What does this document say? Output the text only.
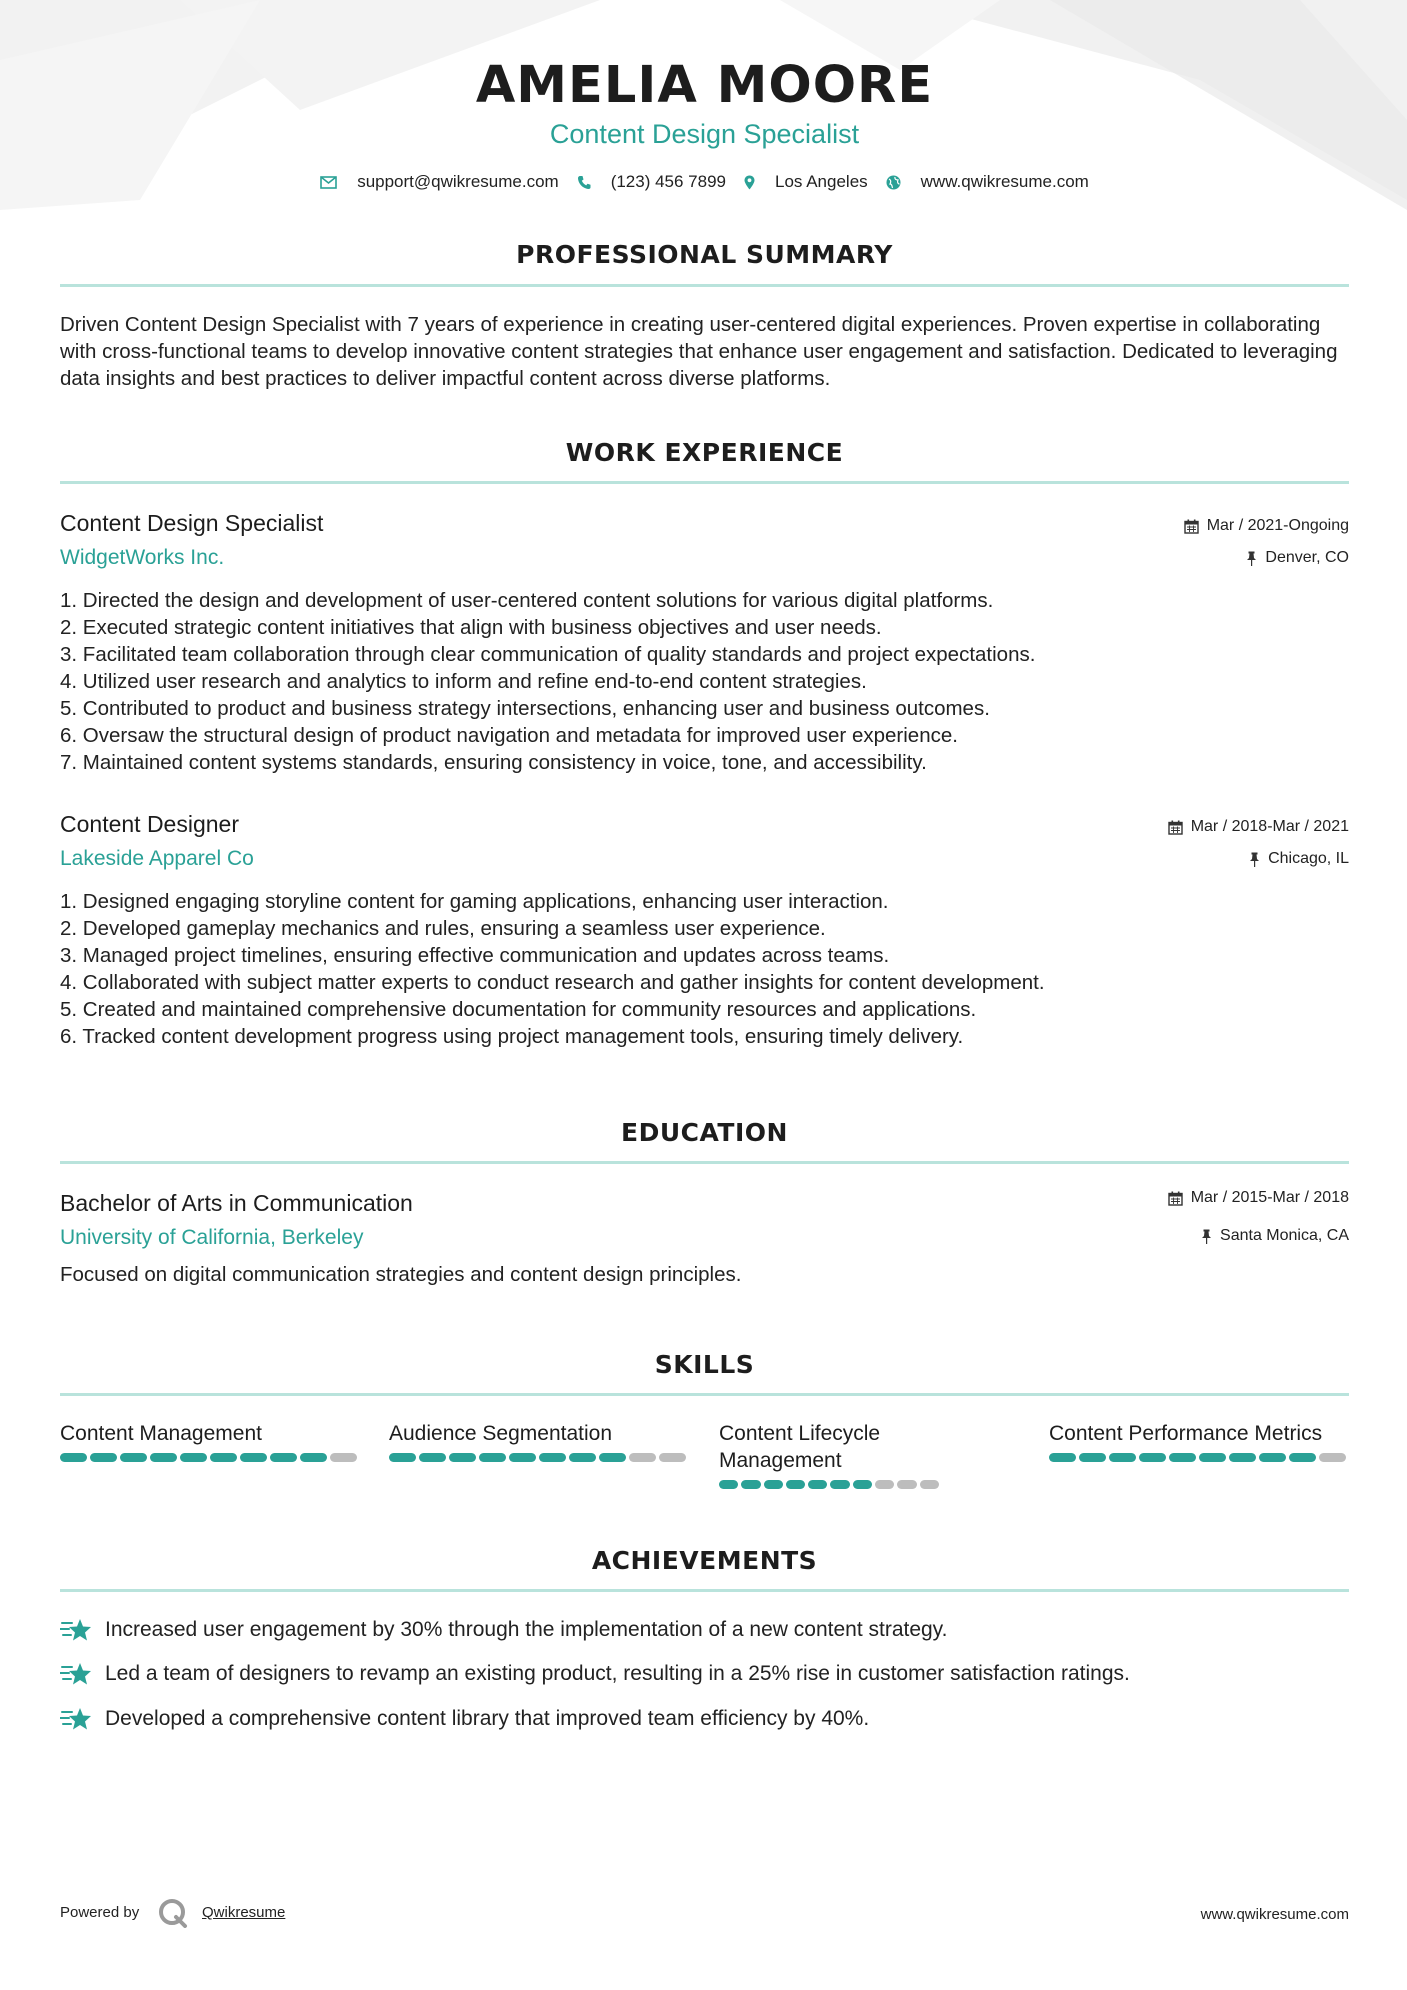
AMELIA MOORE
Content Design Specialist
support@qwikresume.com	(123) 456 7899	Los Angeles	www.qwikresume.com
PROFESSIONAL SUMMARY
Driven Content Design Specialist with 7 years of experience in creating user-centered digital experiences. Proven expertise in collaborating with cross-functional teams to develop innovative content strategies that enhance user engagement and satisfaction. Dedicated to leveraging data insights and best practices to deliver impactful content across diverse platforms.
WORK EXPERIENCE
Content Design Specialist
WidgetWorks Inc.
Mar / 2021-Ongoing
Denver, CO
1. Directed the design and development of user-centered content solutions for various digital platforms.
2. Executed strategic content initiatives that align with business objectives and user needs.
3. Facilitated team collaboration through clear communication of quality standards and project expectations.
4. Utilized user research and analytics to inform and refine end-to-end content strategies.
5. Contributed to product and business strategy intersections, enhancing user and business outcomes.
6. Oversaw the structural design of product navigation and metadata for improved user experience.
7. Maintained content systems standards, ensuring consistency in voice, tone, and accessibility.
Content Designer
Lakeside Apparel Co
Mar / 2018-Mar / 2021
Chicago, IL
1. Designed engaging storyline content for gaming applications, enhancing user interaction.
2. Developed gameplay mechanics and rules, ensuring a seamless user experience.
3. Managed project timelines, ensuring effective communication and updates across teams.
4. Collaborated with subject matter experts to conduct research and gather insights for content development.
5. Created and maintained comprehensive documentation for community resources and applications.
6. Tracked content development progress using project management tools, ensuring timely delivery.
EDUCATION
Bachelor of Arts in Communication
University of California, Berkeley
Mar / 2015-Mar / 2018
Santa Monica, CA
Focused on digital communication strategies and content design principles.
SKILLS
Content Management	Audience Segmentation	Content Lifecycle Management
Content Performance Metrics
ACHIEVEMENTS
Increased user engagement by 30% through the implementation of a new content strategy.
Led a team of designers to revamp an existing product, resulting in a 25% rise in customer satisfaction ratings.
Developed a comprehensive content library that improved team efficiency by 40%.
Powered by	Qwikresume	www.qwikresume.com
